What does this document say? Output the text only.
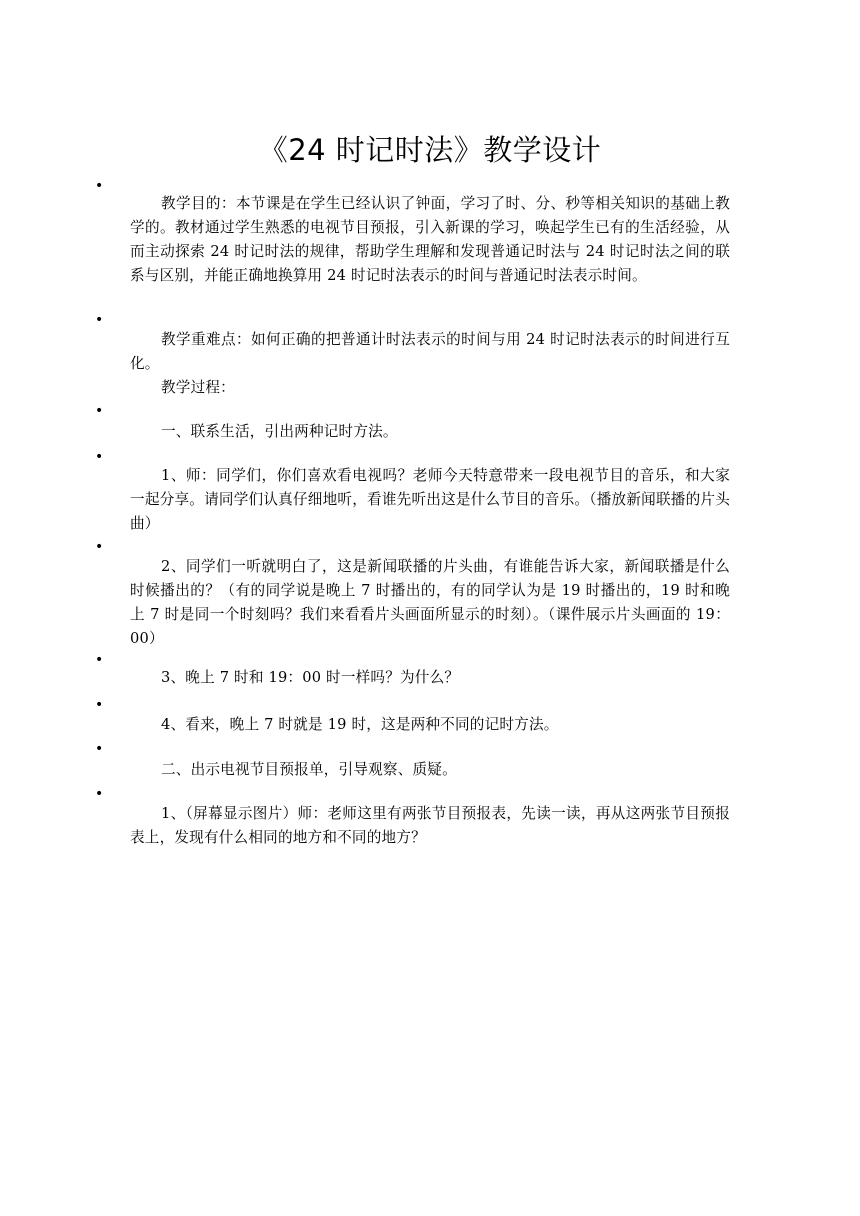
《24 时记时法》教学设计
•
教学目的：本节课是在学生已经认识了钟面，学习了时、分、秒等相关知识的基础上教学的。教材通过学生熟悉的电视节目预报，引入新课的学习，唤起学生已有的生活经验，从而主动探索 24 时记时法的规律，帮助学生理解和发现普通记时法与 24 时记时法之间的联系与区别，并能正确地换算用 24 时记时法表示的时间与普通记时法表示时间。
•
教学重难点：如何正确的把普通计时法表示的时间与用 24 时记时法表示的时间进行互化。
教学过程：
•
一、联系生活，引出两种记时方法。
•
1、师：同学们，你们喜欢看电视吗？老师今天特意带来一段电视节目的音乐，和大家一起分享。请同学们认真仔细地听，看谁先听出这是什么节目的音乐。（播放新闻联播的片头曲）
•
2、同学们一听就明白了，这是新闻联播的片头曲，有谁能告诉大家，新闻联播是什么时候播出的？（有的同学说是晚上 7 时播出的，有的同学认为是 19 时播出的，19 时和晚上 7 时是同一个时刻吗？我们来看看片头画面所显示的时刻）。（课件展示片头画面的 19：00）
•
3、晚上 7 时和 19：00 时一样吗？为什么？
•
4、看来，晚上 7 时就是 19 时，这是两种不同的记时方法。
•
二、出示电视节目预报单，引导观察、质疑。
•
1、（屏幕显示图片）师：老师这里有两张节目预报表，先读一读，再从这两张节目预报表上，发现有什么相同的地方和不同的地方？
